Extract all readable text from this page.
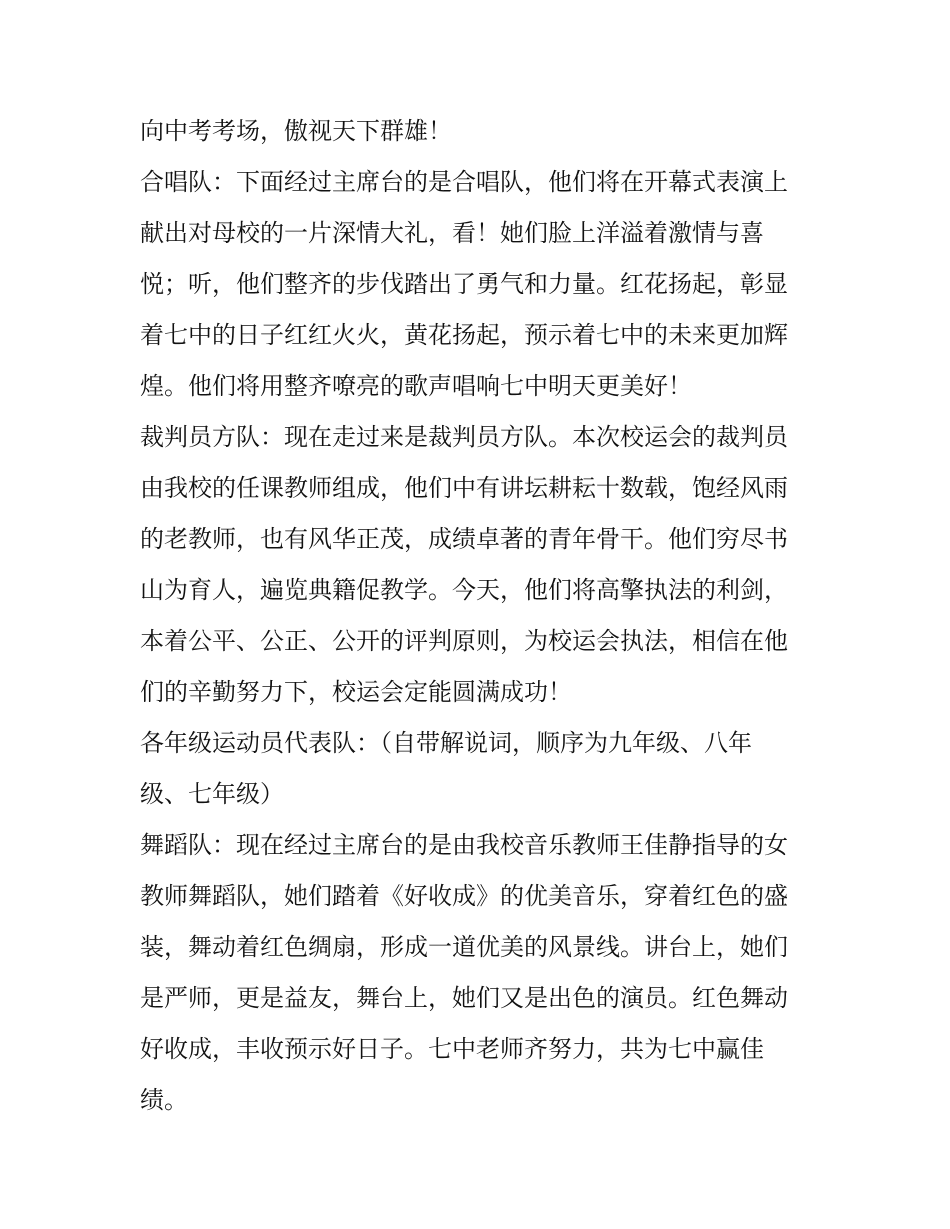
向中考考场，傲视天下群雄！
合唱队：下面经过主席台的是合唱队，他们将在开幕式表演上
献出对母校的一片深情大礼，看！她们脸上洋溢着激情与喜
悦；听，他们整齐的步伐踏出了勇气和力量。红花扬起，彰显
着七中的日子红红火火，黄花扬起，预示着七中的未来更加辉
煌。他们将用整齐嘹亮的歌声唱响七中明天更美好！
裁判员方队：现在走过来是裁判员方队。本次校运会的裁判员
由我校的任课教师组成，他们中有讲坛耕耘十数载，饱经风雨
的老教师，也有风华正茂，成绩卓著的青年骨干。他们穷尽书
山为育人，遍览典籍促教学。今天，他们将高擎执法的利剑，
本着公平、公正、公开的评判原则，为校运会执法，相信在他
们的辛勤努力下，校运会定能圆满成功！
各年级运动员代表队：（自带解说词，顺序为九年级、八年
级、七年级）
舞蹈队：现在经过主席台的是由我校音乐教师王佳静指导的女
教师舞蹈队，她们踏着《好收成》的优美音乐，穿着红色的盛
装，舞动着红色绸扇，形成一道优美的风景线。讲台上，她们
是严师，更是益友，舞台上，她们又是出色的演员。红色舞动
好收成，丰收预示好日子。七中老师齐努力，共为七中赢佳
绩。
